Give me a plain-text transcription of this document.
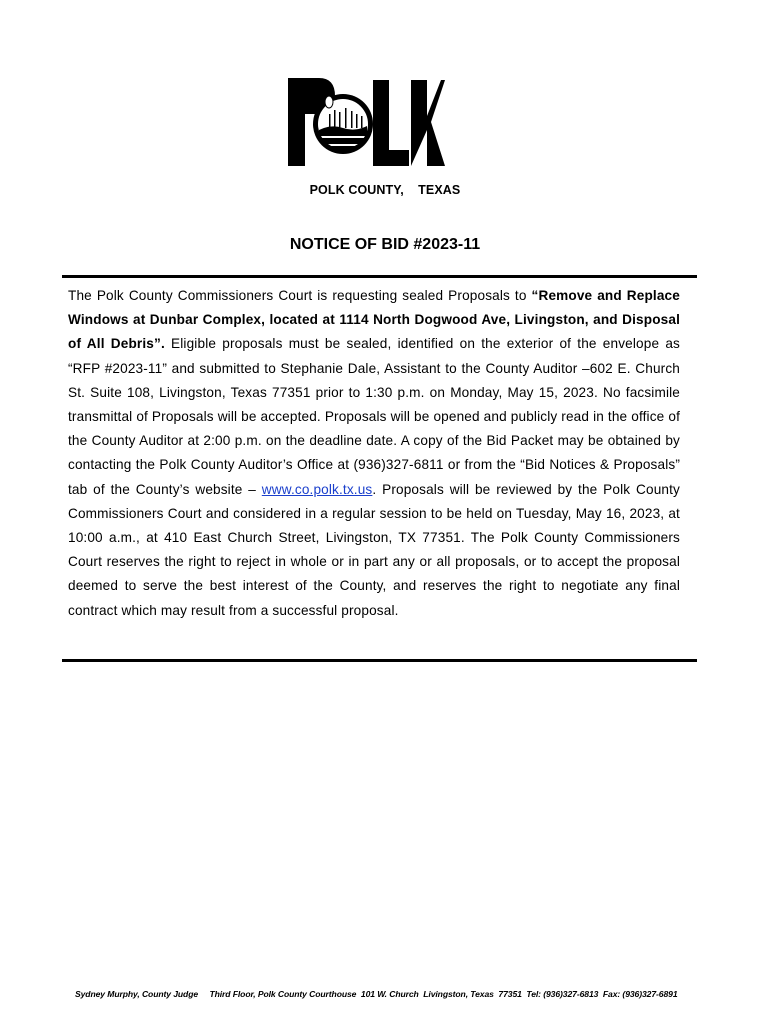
POLK COUNTY,    TEXAS
NOTICE OF BID #2023-11
The Polk County Commissioners Court is requesting sealed Proposals to “Remove and Replace Windows at Dunbar Complex, located at 1114 North Dogwood Ave, Livingston, and Disposal of All Debris”. Eligible proposals must be sealed, identified on the exterior of the envelope as “RFP #2023-11” and submitted to Stephanie Dale, Assistant to the County Auditor –602 E. Church St. Suite 108, Livingston, Texas 77351 prior to 1:30 p.m. on Monday, May 15, 2023. No facsimile transmittal of Proposals will be accepted. Proposals will be opened and publicly read in the office of the County Auditor at 2:00 p.m. on the deadline date. A copy of the Bid Packet may be obtained by contacting the Polk County Auditor’s Office at (936)327-6811 or from the “Bid Notices & Proposals” tab of the County’s website – www.co.polk.tx.us. Proposals will be reviewed by the Polk County Commissioners Court and considered in a regular session to be held on Tuesday, May 16, 2023, at 10:00 a.m., at 410 East Church Street, Livingston, TX 77351. The Polk County Commissioners Court reserves the right to reject in whole or in part any or all proposals, or to accept the proposal deemed to serve the best interest of the County, and reserves the right to negotiate any final contract which may result from a successful proposal.
Sydney Murphy, County Judge     Third Floor, Polk County Courthouse  101 W. Church  Livingston, Texas  77351  Tel: (936)327-6813  Fax: (936)327-6891
